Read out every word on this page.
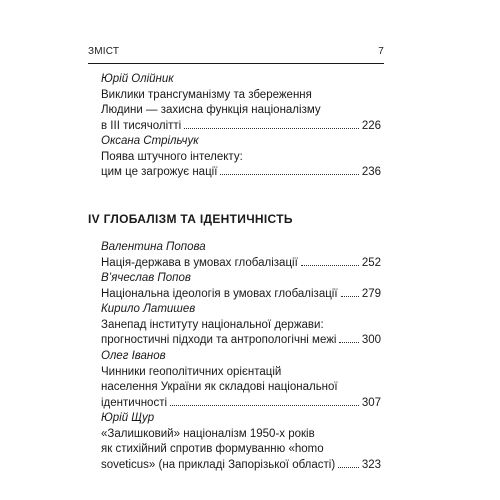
ЗМІСТ	7
Юрій Олійник
Виклики трансгуманізму та збереження
Людини — захисна функція націоналізму
в III тисячолітті	226
Оксана Стрільчук
Поява штучного інтелекту:
цим це загрожує нації	236
IV ГЛОБАЛІЗМ ТА ІДЕНТИЧНІСТЬ
Валентина Попова
Нація-держава в умовах глобалізації	252
В’ячеслав Попов
Національна ідеологія в умовах глобалізації 279
Кирило Латишев
Занепад інституту національної держави:
прогностичні підходи та антропологічні межі 300
Олег Іванов
Чинники геополітичних орієнтацій
населення України як складові національної
ідентичності	307
Юрій Щур
«Залишковий» націоналізм 1950-х років
як стихійний спротив формуванню «homo
soveticus» (на прикладі Запорізької області) 323
